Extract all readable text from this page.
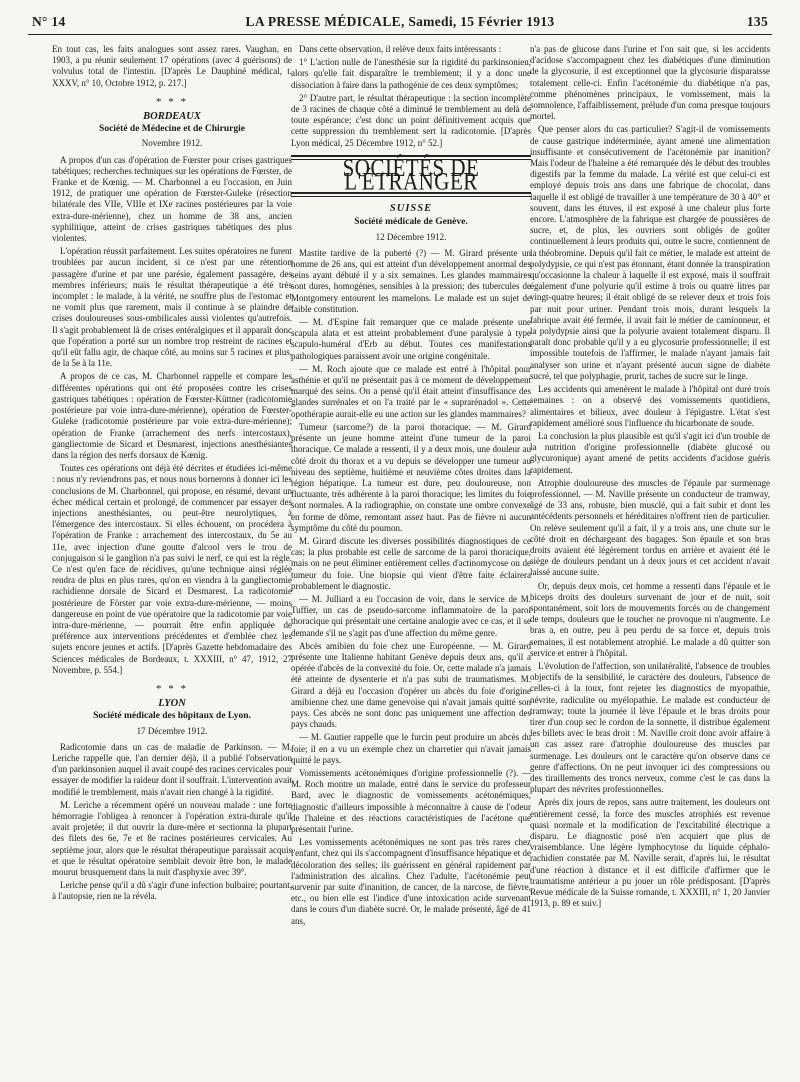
N° 14	LA PRESSE MÉDICALE, Samedi, 15 Février 1913	135

En tout cas, les faits analogues sont assez rares. Vaughan, en 1903, a pu réunir seulement 17 opérations (avec 4 guérisons) de volvulus total de l'intestin. [D'après Le Dauphiné médical, t. XXXV, n° 10, Octobre 1912, p. 217.]

* * *
BORDEAUX
Société de Médecine et de Chirurgie
Novembre 1912.

A propos d'un cas d'opération de Fœrster pour crises gastriques tabétiques; recherches techniques sur les opérations de Fœrster, de Franke et de Kœnig. — M. Charbonnel a eu l'occasion, en Juin 1912, de pratiquer une opération de Fœrster-Guleke (résection bilatérale des VIIe, VIIIe et IXe racines postérieures par la voie extra-dure-mérienne), chez un homme de 38 ans, ancien syphilitique, atteint de crises gastriques tabétiques des plus violentes.

L'opération réussit parfaitement. Les suites opératoires ne furent troublées par aucun incident, si ce n'est par une rétention passagère d'urine et par une parésie, également passagère, des membres inférieurs; mais le résultat thérapeutique a été très incomplet : le malade, à la vérité, ne souffre plus de l'estomac et ne vomit plus que rarement, mais il continue à se plaindre de crises douloureuses sous-ombilicales aussi violentes qu'autrefois. Il s'agit probablement là de crises entéralgiques et il apparaît donc que l'opération a porté sur un nombre trop restreint de racines et qu'il eût fallu agir, de chaque côté, au moins sur 5 racines et plus, de la 5e à la 11e.

A propos de ce cas, M. Charbonnel rappelle et compare les différentes opérations qui ont été proposées contre les crises gastriques tabétiques : opération de Fœrster-Küttner (radicotomie postérieure par voie intra-dure-mérienne), opération de Fœrster-Guleke (radicotomie postérieure par voie extra-dure-mérienne); opération de Franke (arrachement des nerfs intercostaux), gangliectomie de Sicard et Desmarest, injections anesthésiantes dans la région des nerfs dorsaux de Kœnig.

Toutes ces opérations ont déjà été décrites et étudiées ici-même : nous n'y reviendrons pas, et nous nous bornerons à donner ici les conclusions de M. Charbonnel, qui propose, en résumé, devant un échec médical certain et prolongé, de commencer par essayer des injections anesthésiantes, ou peut-être neurolytiques, à l'émergence des intercostaux. Si elles échouent, on procédera à l'opération de Franke : arrachement des intercostaux, du 5e au 11e, avec injection d'une goutte d'alcool vers le trou de conjugaison si le ganglion n'a pas suivi le nerf, ce qui est la règle. Ce n'est qu'en face de récidives, qu'une technique ainsi réglée rendra de plus en plus rares, qu'on en viendra à la gangliectomie rachidienne dorsale de Sicard et Desmarest. La radicotomie postérieure de Förster par voie extra-dure-mérienne, — moins dangereuse en point de vue opératoire que la radicotomie par voie intra-dure-mérienne, — pourrait être enfin appliquée de préférence aux interventions précédentes et d'emblée chez les sujets encore jeunes et actifs. [D'après Gazette hebdomadaire des Sciences médicales de Bordeaux, t. XXXIII, n° 47, 1912, 27 Novembre, p. 554.]

* * *
LYON
Société médicale des hôpitaux de Lyon.
17 Décembre 1912.

Radicotomie dans un cas de maladie de Parkinson. — M. Leriche rappelle que, l'an dernier déjà, il a publié l'observation d'un parkinsonien auquel il avait coupé des racines cervicales pour essayer de modifier la raideur dont il souffrait. L'intervention avait modifié le tremblement, mais n'avait rien changé à la rigidité.

M. Leriche a récemment opéré un nouveau malade : une forte hémorragie l'obligea à renoncer à l'opération extra-durale qu'il avait projetée; il dut ouvrir la dure-mère et sectionna la plupart des filets des 6e, 7e et 8e racines postérieures cervicales. Au septième jour, alors que le résultat thérapeutique paraissait acquis et que le résultat opératoire semblait devoir être bon, le malade mourut brusquement dans la nuit d'asphyxie avec 39°.

Leriche pense qu'il a dû s'agir d'une infection bulbaire; pourtant, à l'autopsie, rien ne la révéla.

Dans cette observation, il relève deux faits intéressants :

1° L'action nulle de l'anesthésie sur la rigidité du parkinsonien, alors qu'elle fait disparaître le tremblement; il y a donc une dissociation à faire dans la pathogénie de ces deux symptômes;

2° D'autre part, le résultat thérapeutique : la section incomplète de 3 racines de chaque côté a diminué le tremblement au delà de toute espérance; c'est donc un point définitivement acquis que cette suppression du tremblement sert la radicotomie. [D'après Lyon médical, 25 Décembre 1912, n° 52.]

SOCIÉTÉS DE L'ÉTRANGER
SUISSE
Société médicale de Genève.
12 Décembre 1912.

Mastite tardive de la puberté (?) — M. Girard présente un homme de 26 ans, qui est atteint d'un développement anormal des seins ayant débuté il y a six semaines. Les glandes mammaires sont dures, homogènes, sensibles à la pression; des tubercules de Montgomery entourent les mamelons. Le malade est un sujet de faible constitution.

— M. d'Espine fait remarquer que ce malade présente une scapula alata et est atteint probablement d'une paralysie à type scapulo-huméral d'Erb au début. Toutes ces manifestations pathologiques paraissent avoir une origine congénitale.

— M. Roch ajoute que ce malade est entré à l'hôpital pour asthénie et qu'il ne présentait pas à ce moment de développement marqué des seins. On a pensé qu'il était atteint d'insuffisance des glandes surrénales et on l'a traité par le « suprarénadol ». Cette opothérapie aurait-elle eu une action sur les glandes mammaires?

Tumeur (sarcome?) de la paroi thoracique. — M. Girard présente un jeune homme atteint d'une tumeur de la paroi thoracique. Ce malade a ressenti, il y a deux mois, une douleur au côté droit du thorax et a vu depuis se développer une tumeur au niveau des septième, huitième et neuvième côtes droites dans la région hépatique. La tumeur est dure, peu douloureuse, non fluctuante, très adhérente à la paroi thoracique; les limites du foie sont normales. A la radiographie, on constate une ombre convexe en forme de dôme, remontant assez haut. Pas de fièvre ni aucun symptôme du côté du poumon.

M. Girard discute les diverses possibilités diagnostiques de ce cas; la plus probable est celle de sarcome de la paroi thoracique, mais on ne peut éliminer entièrement celles d'actinomycose ou de tumeur du foie. Une biopsie qui vient d'être faite éclairera probablement le diagnostic.

— M. Julliard a eu l'occasion de voir, dans le service de M. Tuffier, un cas de pseudo-sarcome inflammatoire de la paroi thoracique qui présentait une certaine analogie avec ce cas, et il se demande s'il ne s'agit pas d'une affection du même genre.

Abcès amibien du foie chez une Européenne. — M. Girard présente une Italienne habitant Genève depuis deux ans, qu'il a opérée d'abcès de la convexité du foie. Or, cette malade n'a jamais été atteinte de dysenterie et n'a pas subi de traumatismes. M. Girard a déjà eu l'occasion d'opérer un abcès du foie d'origine amibienne chez une dame genevoise qui n'avait jamais quitté son pays. Ces abcès ne sont donc pas uniquement une affection des pays chauds.

— M. Gautier rappelle que le furcin peut produire un abcès du foie; il en a vu un exemple chez un charretier qui n'avait jamais quitté le pays.

Vomissements acétonémiques d'origine professionnelle (?). — M. Roch montre un malade, entré dans le service du professeur Bard, avec le diagnostic de vomissements acétonémiques, diagnostic d'ailleurs impossible à méconnaître à cause de l'odeur de l'haleine et des réactions caractéristiques de l'acétone que présentait l'urine.

Les vomissements acétonémiques ne sont pas très rares chez l'enfant, chez qui ils s'accompagnent d'insuffisance hépatique et de décoloration des selles; ils guérissent en général rapidement par l'administration des alcalins. Chez l'adulte, l'acétonémie peut survenir par suite d'inanition, de cancer, de la narcose, de fièvre, etc., ou bien elle est l'indice d'une intoxication acide survenant dans le cours d'un diabète sucré. Or, le malade présenté, âgé de 41 ans,

n'a pas de glucose dans l'urine et l'on sait que, si les accidents d'acidose s'accompagnent chez les diabétiques d'une diminution de la glycosurie, il est exceptionnel que la glycosurie disparaisse totalement celle-ci. Enfin l'acétonémie du diabétique n'a pas, comme phénomènes principaux, le vomissement, mais la somnolence, l'affaiblissement, prélude d'un coma presque toujours mortel.

Que penser alors du cas particulier? S'agit-il de vomissements de cause gastrique indéterminée, ayant amené une alimentation insuffisante et consécutivement de l'acétonémie par inanition? Mais l'odeur de l'haleine a été remarquée dès le début des troubles digestifs par la femme du malade. La vérité est que celui-ci est employé depuis trois ans dans une fabrique de chocolat, dans laquelle il est obligé de travailler à une température de 30 à 40° et souvent, dans les étuves, il est exposé à une chaleur plus forte encore. L'atmosphère de la fabrique est chargée de poussières de sucre, et, de plus, les ouvriers sont obligés de goûter continuellement à leurs produits qui, outre le sucre, contiennent de la théobromine. Depuis qu'il fait ce métier, le malade est atteint de polydypsie, ce qui n'est pas étonnant, étant donnée la transpiration qu'occasionne la chaleur à laquelle il est exposé, mais il souffrait également d'une polyurie qu'il estime à trois ou quatre litres par vingt-quatre heures; il était obligé de se relever deux et trois fois par nuit pour uriner. Pendant trois mois, durant lesquels la fabrique avait été fermée, il avait fait le métier de camionneur, et la polydypsie ainsi que la polyurie avaient totalement disparu. Il paraît donc probable qu'il y a eu glycosurie professionnelle; il est impossible toutefois de l'affirmer, le malade n'ayant jamais fait analyser son urine et n'ayant présenté aucun signe de diabète sucré, tel que polyphagie, prurit, taches de sucre sur le linge.

Les accidents qui amenèrent le malade à l'hôpital ont duré trois semaines : on a observé des vomissements quotidiens, alimentaires et bilieux, avec douleur à l'épigastre. L'état s'est rapidement amélioré sous l'influence du bicarbonate de soude.

La conclusion la plus plausible est qu'il s'agit ici d'un trouble de la nutrition d'origine professionnelle (diabète glucosé ou glycuronique) ayant amené de petits accidents d'acidose guéris rapidement.

Atrophie douloureuse des muscles de l'épaule par surmenage professionnel. — M. Naville présente un conducteur de tramway, âgé de 33 ans, robuste, bien musclé, qui a fait subir et dont les antécédents personnels et héréditaires n'offrent rien de particulier. On relève seulement qu'il a fait, il y a trois ans, une chute sur le côté droit en déchargeant des bagages. Son épaule et son bras droits avaient été légèrement tordus en arrière et avaient été le siège de douleurs pendant un à deux jours et cet accident n'avait laissé aucune suite.

Or, depuis deux mois, cet homme a ressenti dans l'épaule et le biceps droits des douleurs survenant de jour et de nuit, soit spontanément, soit lors de mouvements forcés ou de changement de temps, douleurs que le toucher ne provoque ni n'augmente. Le bras a, en outre, peu à peu perdu de sa force et, depuis trois semaines, il est notablement atrophié. Le malade a dû quitter son service et entrer à l'hôpital.

L'évolution de l'affection, son unilatéralité, l'absence de troubles objectifs de la sensibilité, le caractère des douleurs, l'absence de celles-ci à la toux, font rejeter les diagnostics de myopathie, névrite, radiculite ou myélopathie. Le malade est conducteur de tramway; toute la journée il lève l'épaule et le bras droits pour tirer d'un coup sec le cordon de la sonnette, il distribue également les billets avec le bras droit : M. Naville croit donc avoir affaire à un cas assez rare d'atrophie douloureuse des muscles par surmenage. Les douleurs ont le caractère qu'on observe dans ce genre d'affections. On ne peut invoquer ici des compressions ou des tiraillements des troncs nerveux, comme c'est le cas dans la plupart des névrites professionnelles.

Après dix jours de repos, sans autre traitement, les douleurs ont entièrement cessé, la force des muscles atrophiés est revenue quasi normale et la modification de l'excitabilité électrique a disparu. Le diagnostic posé n'en acquiert que plus de vraisemblance. Une légère lymphocytose du liquide céphalo-rachidien constatée par M. Naville serait, d'après lui, le résultat d'une réaction à distance et il est difficile d'affirmer que le traumatisme antérieur a pu jouer un rôle prédisposant. [D'après Revue médicale de la Suisse romande, t. XXXIII, n° 1, 20 Janvier 1913, p. 89 et suiv.]
